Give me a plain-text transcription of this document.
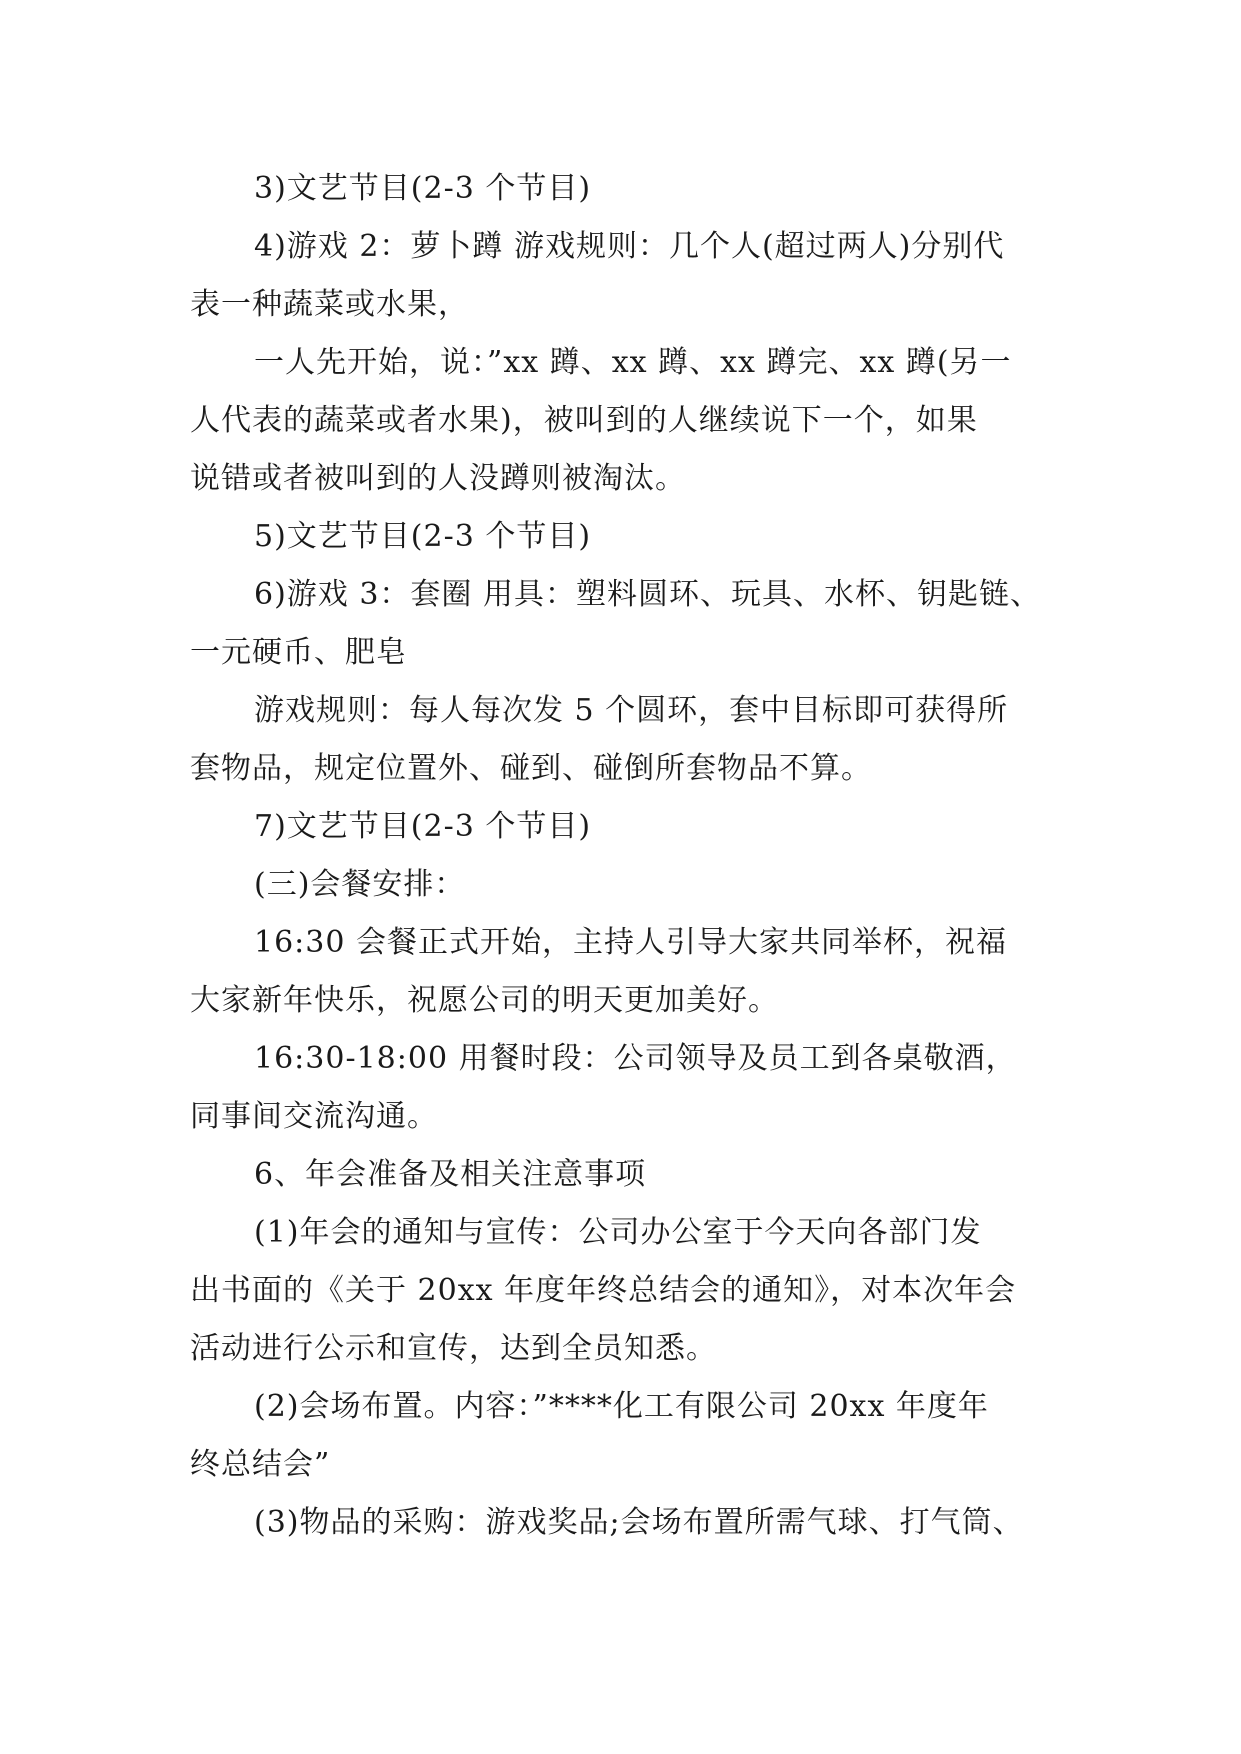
3)文艺节目(2-3 个节目)
4)游戏 2：萝卜蹲 游戏规则：几个人(超过两人)分别代
表一种蔬菜或水果，
一人先开始，说：”xx 蹲、xx 蹲、xx 蹲完、xx 蹲(另一
人代表的蔬菜或者水果)，被叫到的人继续说下一个，如果
说错或者被叫到的人没蹲则被淘汰。
5)文艺节目(2-3 个节目)
6)游戏 3：套圈 用具：塑料圆环、玩具、水杯、钥匙链、
一元硬币、肥皂
游戏规则：每人每次发 5 个圆环，套中目标即可获得所
套物品，规定位置外、碰到、碰倒所套物品不算。
7)文艺节目(2-3 个节目)
(三)会餐安排：
16:30 会餐正式开始，主持人引导大家共同举杯，祝福
大家新年快乐，祝愿公司的明天更加美好。
16:30-18:00 用餐时段：公司领导及员工到各桌敬酒，
同事间交流沟通。
6、年会准备及相关注意事项
(1)年会的通知与宣传：公司办公室于今天向各部门发
出书面的《关于 20xx 年度年终总结会的通知》，对本次年会
活动进行公示和宣传，达到全员知悉。
(2)会场布置。内容：”****化工有限公司 20xx 年度年
终总结会”
(3)物品的采购：游戏奖品;会场布置所需气球、打气筒、
